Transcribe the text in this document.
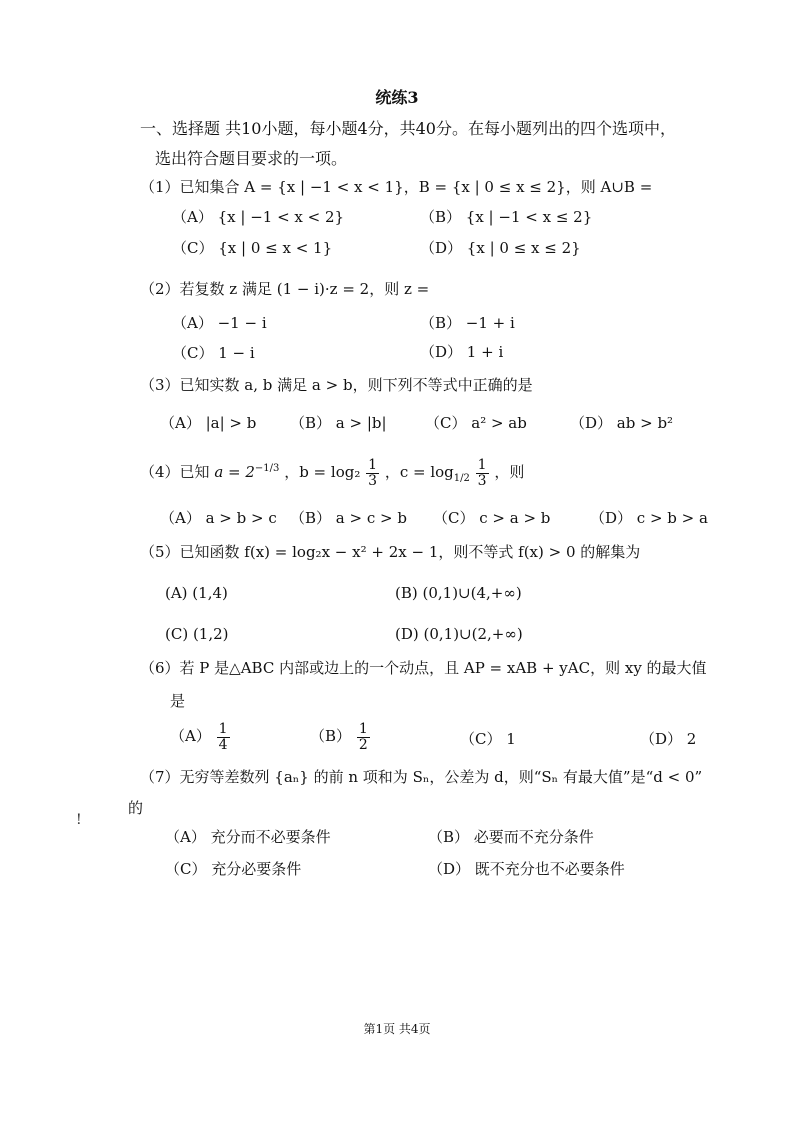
统练3
一、选择题 共10小题，每小题4分，共40分。在每小题列出的四个选项中，
选出符合题目要求的一项。
（1）已知集合 A = {x | −1 < x < 1}，B = {x | 0 ≤ x ≤ 2}，则 A∪B =
（A） {x | −1 < x < 2}	（B） {x | −1 < x ≤ 2}
（C） {x | 0 ≤ x < 1}	（D） {x | 0 ≤ x ≤ 2}
（2）若复数 z 满足 (1 − i)·z = 2，则 z =
（A） −1 − i	（B） −1 + i
（C） 1 − i	（D） 1 + i
（3）已知实数 a, b 满足 a > b，则下列不等式中正确的是
（A） |a| > b （B） a > |b|	（C） a² > ab	（D） ab > b²
（4）已知 $a = 2^{-1/3}$ ，$b = \log_2 \frac{1}{3}$ ，$c = \log_{1/2} \frac{1}{3}$ ，则
（A） a > b > c （B） a > c > b （C） c > a > b	（D） c > b > a
（5）已知函数 f(x) = log₂x − x² + 2x − 1，则不等式 f(x) > 0 的解集为
(A) (1,4)	(B) (0,1)∪(4,+∞)
(C) (1,2)	(D) (0,1)∪(2,+∞)
（6）若 P 是△ABC 内部或边上的一个动点，且 AP = xAB + yAC，则 xy 的最大值
是
$(A) \frac{1}{4}$	$(B) \frac{1}{2}$	（C） 1	（D） 2
（7）无穷等差数列 {aₙ} 的前 n 项和为 Sₙ，公差为 d，则“Sₙ 有最大值”是“d < 0”
的
!
（A） 充分而不必要条件	（B） 必要而不充分条件
（C） 充分必要条件	（D） 既不充分也不必要条件
第1页 共4页
